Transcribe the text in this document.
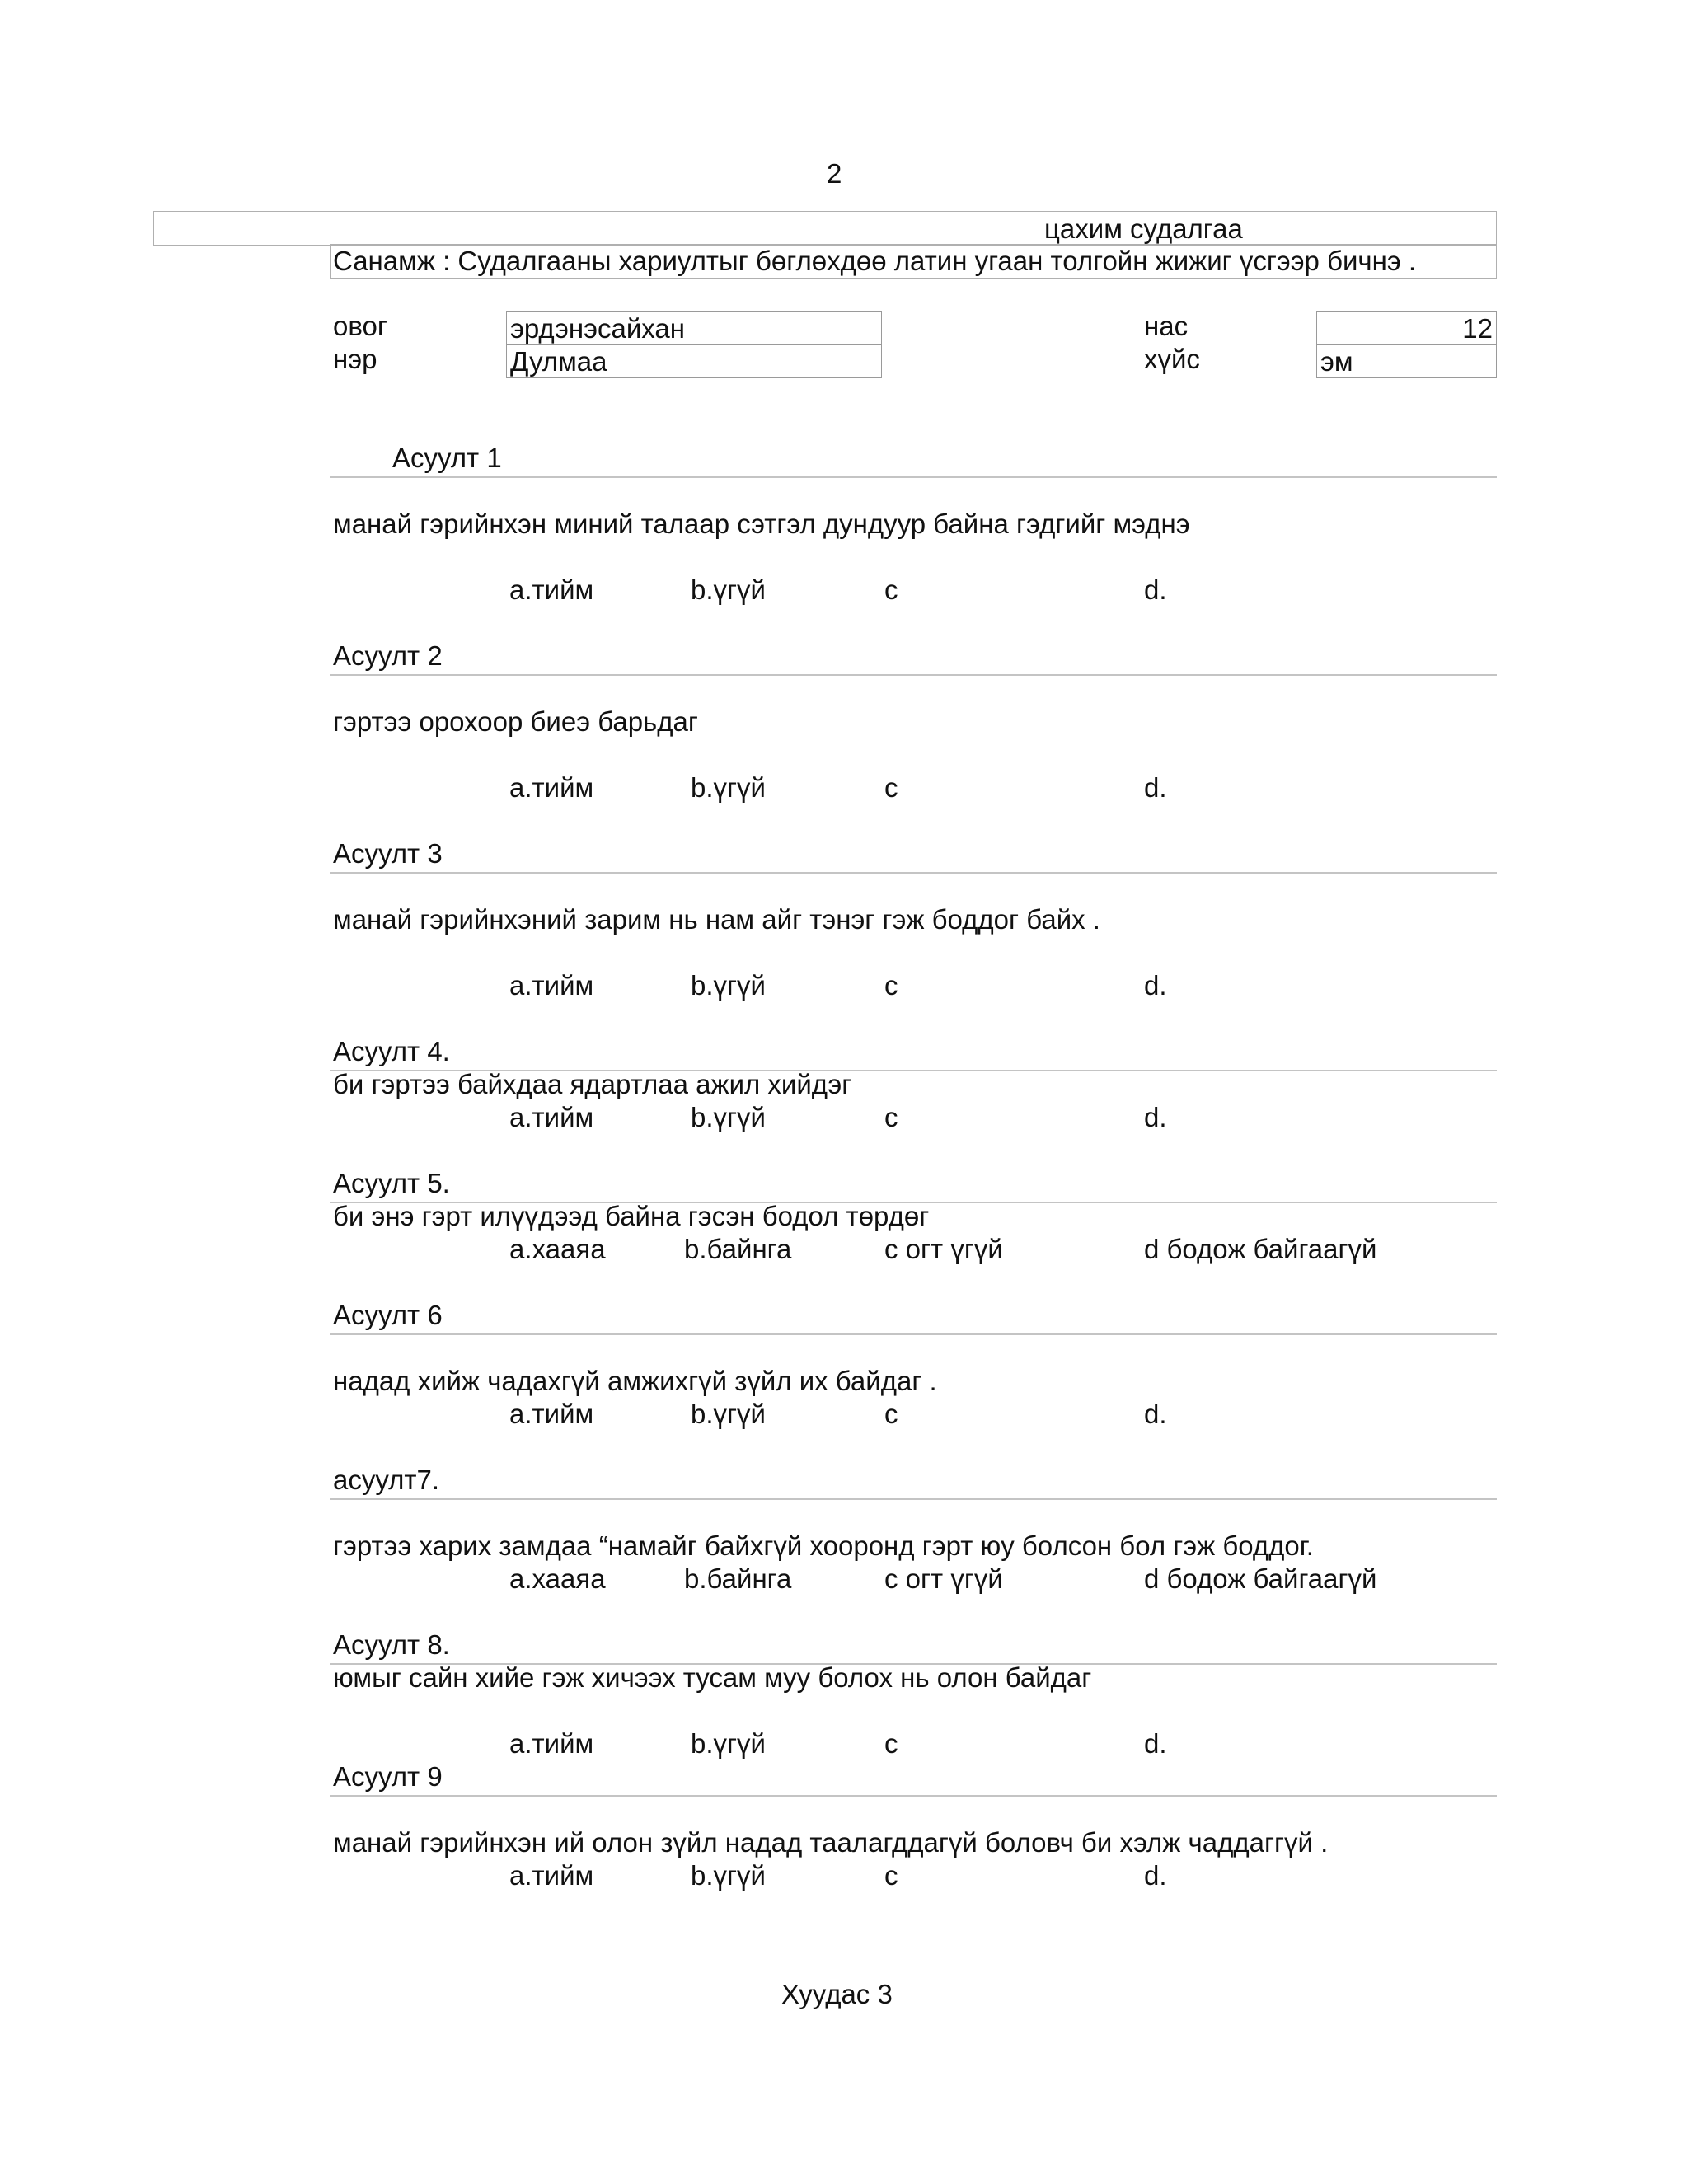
2
цахим судалгаа
Санамж : Судалгааны хариултыг бөглөхдөө латин угаан толгойн жижиг үсгээр бичнэ .
овог	эрдэнэсайхан
нэр	Дулмаа
нас	12
хүйс	эм
Асуулт 1
манай гэрийнхэн миний талаар сэтгэл дундуур байна гэдгийг мэднэ
а.тийм	b.үгүй	c	d.
Асуулт 2
гэртээ орохоор биеэ барьдаг
а.тийм	b.үгүй	c	d.
Асуулт 3
манай гэрийнхэний зарим нь нам айг тэнэг гэж боддог байх .
а.тийм	b.үгүй	c	d.
Асуулт 4.
би гэртээ байхдаа ядартлаа ажил хийдэг
а.тийм	b.үгүй	c	d.
Асуулт 5.
би энэ гэрт илүүдээд байна гэсэн бодол төрдөг
а.хааяа	b.байнга	c огт үгүй	d бодож байгаагүй
Асуулт 6
надад хийж чадахгүй амжихгүй зүйл их байдаг .
а.тийм	b.үгүй	c	d.
асуулт7.
гэртээ харих замдаа “намайг байхгүй хооронд гэрт юу болсон бол гэж боддог.
а.хааяа	b.байнга	c огт үгүй	d бодож байгаагүй
Асуулт 8.
юмыг сайн хийе гэж хичээх тусам муу болох нь олон байдаг
а.тийм	b.үгүй	c	d.
Асуулт 9
манай гэрийнхэн ий олон зүйл надад таалагддагүй боловч би хэлж чаддаггүй .
а.тийм	b.үгүй	c	d.
Хуудас 3
